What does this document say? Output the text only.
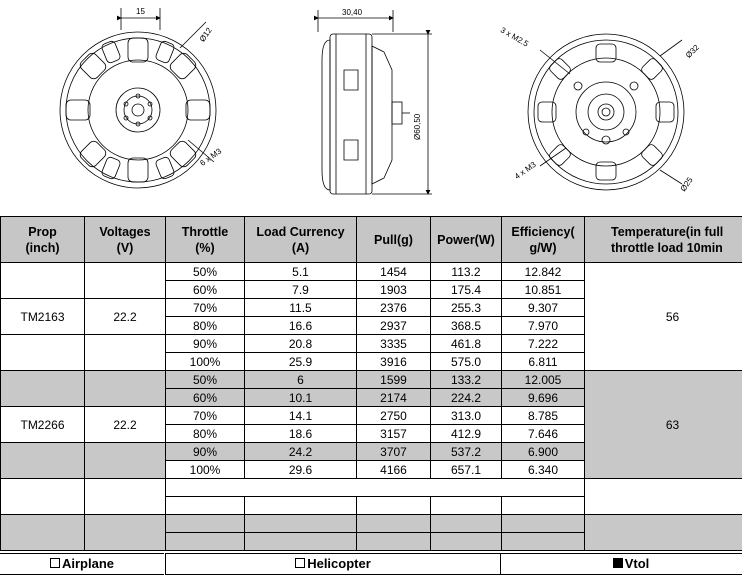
15
Ø12
6 x M3
30,40
Ø60,50
3 x M2.5
Ø32
4 x M3
Ø25
Prop
(inch)	Voltages
(V)	Throttle
(%)	Load Currency
(A)	Pull(g)	Power(W)	Efficiency(
g/W)	Temperature(in full
throttle load 10min
		50%	5.1	1454	113.2	12.842	56
		60%	7.9	1903	175.4	10.851	
TM2163	22.2	70%	11.5	2376	255.3	9.307	
		80%	16.6	2937	368.5	7.970	
		90%	20.8	3335	461.8	7.222	
		100%	25.9	3916	575.0	6.811	
		50%	6	1599	133.2	12.005	63
		60%	10.1	2174	224.2	9.696	
TM2266	22.2	70%	14.1	2750	313.0	8.785	
		80%	18.6	3157	412.9	7.646	
		90%	24.2	3707	537.2	6.900	
		100%	29.6	4166	657.1	6.340	

Airplane	Helicopter	Vtol
